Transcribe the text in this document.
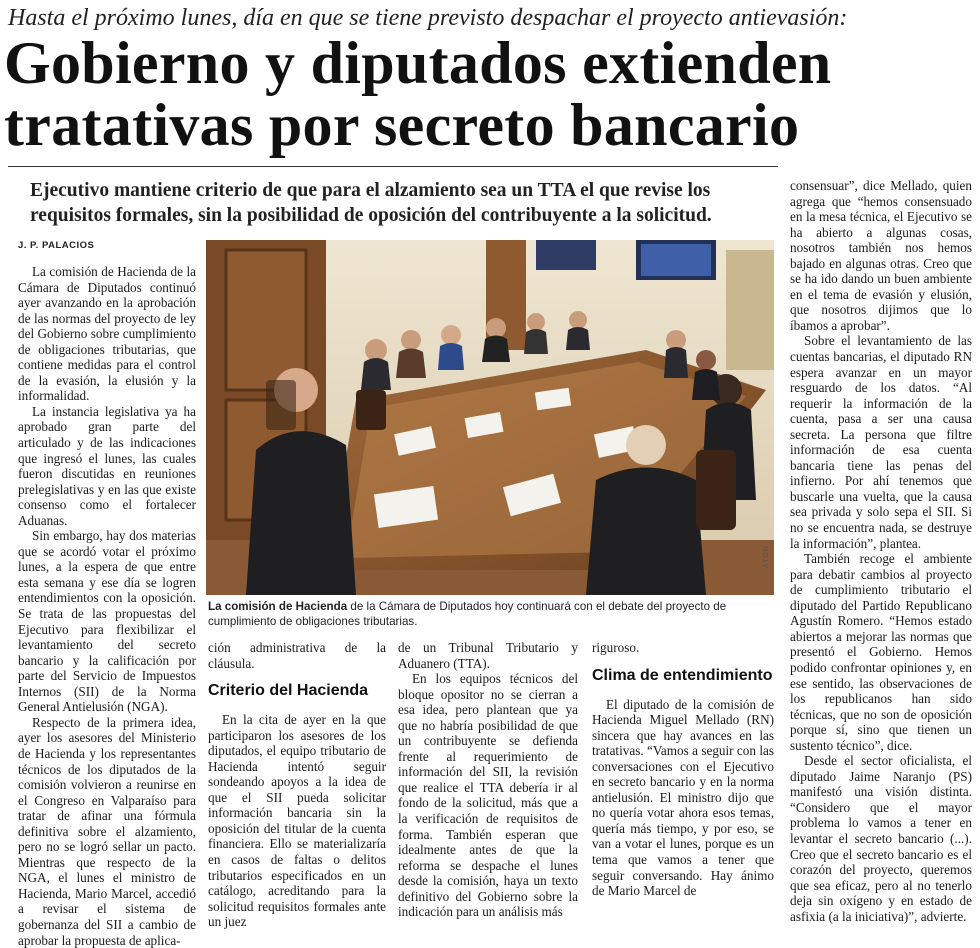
Hasta el próximo lunes, día en que se tiene previsto despachar el proyecto antievasión:
Gobierno y diputados extienden
tratativas por secreto bancario
Ejecutivo mantiene criterio de que para el alzamiento sea un TTA el que revise los
requisitos formales, sin la posibilidad de oposición del contribuyente a la solicitud.
J. P. PALACIOS

La comisión de Hacienda de la Cámara de Diputados continuó ayer avanzando en la aprobación de las normas del proyecto de ley del Gobierno sobre cumplimiento de obligaciones tributarias, que contiene medidas para el control de la evasión, la elusión y la informalidad.

La instancia legislativa ya ha aprobado gran parte del articulado y de las indicaciones que ingresó el lunes, las cuales fueron discutidas en reuniones prelegislativas y en las que existe consenso como el fortalecer Aduanas.

Sin embargo, hay dos materias que se acordó votar el próximo lunes, a la espera de que entre esta semana y ese día se logren entendimientos con la oposición. Se trata de las propuestas del Ejecutivo para flexibilizar el levantamiento del secreto bancario y la calificación por parte del Servicio de Impuestos Internos (SII) de la Norma General Antielusión (NGA).

Respecto de la primera idea, ayer los asesores del Ministerio de Hacienda y los representantes técnicos de los diputados de la comisión volvieron a reunirse en el Congreso en Valparaíso para tratar de afinar una fórmula definitiva sobre el alzamiento, pero no se logró sellar un pacto. Mientras que respecto de la NGA, el lunes el ministro de Hacienda, Mario Marcel, accedió a revisar el sistema de gobernanza del SII a cambio de aprobar la propuesta de aplica-

ATON
La comisión de Hacienda de la Cámara de Diputados hoy continuará con el debate del proyecto de cumplimiento de obligaciones tributarias.

ción administrativa de la cláusula.

Criterio del Hacienda

En la cita de ayer en la que participaron los asesores de los diputados, el equipo tributario de Hacienda intentó seguir sondeando apoyos a la idea de que el SII pueda solicitar información bancaria sin la oposición del titular de la cuenta financiera. Ello se materializaría en casos de faltas o delitos tributarios especificados en un catálogo, acreditando para la solicitud requisitos formales ante un juez

de un Tribunal Tributario y Aduanero (TTA).

En los equipos técnicos del bloque opositor no se cierran a esa idea, pero plantean que ya que no habría posibilidad de que un contribuyente se defienda frente al requerimiento de información del SII, la revisión que realice el TTA debería ir al fondo de la solicitud, más que a la verificación de requisitos de forma. También esperan que idealmente antes de que la reforma se despache el lunes desde la comisión, haya un texto definitivo del Gobierno sobre la indicación para un análisis más

riguroso.

Clima de entendimiento

El diputado de la comisión de Hacienda Miguel Mellado (RN) sincera que hay avances en las tratativas. “Vamos a seguir con las conversaciones con el Ejecutivo en secreto bancario y en la norma antielusión. El ministro dijo que no quería votar ahora esos temas, quería más tiempo, y por eso, se van a votar el lunes, porque es un tema que vamos a tener que seguir conversando. Hay ánimo de Mario Marcel de

consensuar”, dice Mellado, quien agrega que “hemos consensuado en la mesa técnica, el Ejecutivo se ha abierto a algunas cosas, nosotros también nos hemos bajado en algunas otras. Creo que se ha ido dando un buen ambiente en el tema de evasión y elusión, que nosotros dijimos que lo íbamos a aprobar”.

Sobre el levantamiento de las cuentas bancarias, el diputado RN espera avanzar en un mayor resguardo de los datos. “Al requerir la información de la cuenta, pasa a ser una causa secreta. La persona que filtre información de esa cuenta bancaria tiene las penas del infierno. Por ahí tenemos que buscarle una vuelta, que la causa sea privada y solo sepa el SII. Si no se encuentra nada, se destruye la información”, plantea.

También recoge el ambiente para debatir cambios al proyecto de cumplimiento tributario el diputado del Partido Republicano Agustín Romero. “Hemos estado abiertos a mejorar las normas que presentó el Gobierno. Hemos podido confrontar opiniones y, en ese sentido, las observaciones de los republicanos han sido técnicas, que no son de oposición porque sí, sino que tienen un sustento técnico”, dice.

Desde el sector oficialista, el diputado Jaime Naranjo (PS) manifestó una visión distinta. “Considero que el mayor problema lo vamos a tener en levantar el secreto bancario (...). Creo que el secreto bancario es el corazón del proyecto, queremos que sea eficaz, pero al no tenerlo deja sin oxígeno y en estado de asfixia (a la iniciativa)”, advierte.
